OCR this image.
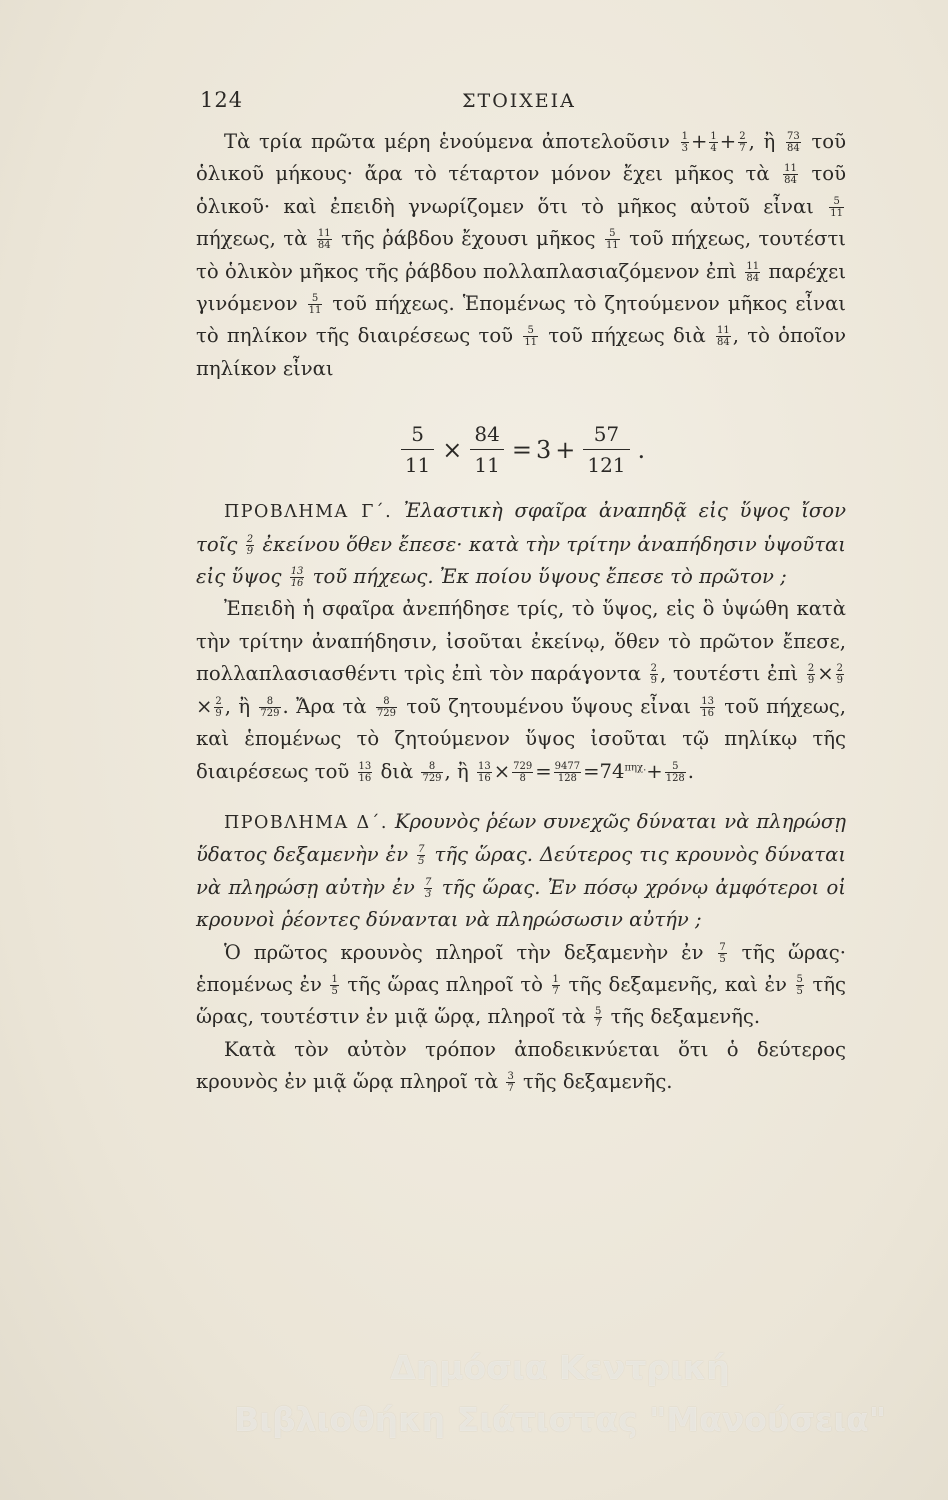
124	ΣΤΟΙΧΕΙΑ

Τὰ τρία πρῶτα μέρη ἑνούμενα ἀποτελοῦσιν $\frac{1}{3} + \frac{1}{4} + \frac{2}{7}$ , ἢ $\frac{73}{84}$ τοῦ ὁλικοῦ μήκους· ἄρα τὸ τέταρτον μόνον ἔχει μῆκος τὰ $\frac{11}{84}$ τοῦ ὁλικοῦ· καὶ ἐπειδὴ γνωρίζομεν ὅτι τὸ μῆκος αὐτοῦ εἶναι $\frac{5}{11}$
πήχεως, τὰ $\frac{11}{84}$ τῆς ῥάβδου ἔχουσι μῆκος $\frac{5}{11}$ τοῦ πήχεως, τουτέστι τὸ ὁλικὸν μῆκος τῆς ῥάβδου πολλαπλασιαζόμενον ἐπὶ $\frac{11}{84}$ παρέχει γινόμενον $\frac{5}{11}$ τοῦ πήχεως. Ἑπομένως τὸ ζητούμενον μῆκος εἶναι τὸ πηλίκον τῆς διαιρέσεως τοῦ $\frac{5}{11}$ τοῦ πήχεως διὰ $\frac{11}{84}$ , τὸ ὁποῖον πηλίκον εἶναι

$\frac{5}{11} \times \frac{84}{11} = 3 + \frac{57}{121}$ .

ΠΡΟΒΛΗΜΑ Γ΄. Ἐλαστικὴ σφαῖρα ἀναπηδᾷ εἰς ὕψος ἴσον τοῖς $\frac{2}{9}$ ἐκείνου ὅθεν ἔπεσε· κατὰ τὴν τρίτην ἀναπήδησιν ὑψοῦται εἰς ὕψος $\frac{13}{16}$ τοῦ πήχεως. Ἐκ ποίου ὕψους ἔπεσε τὸ πρῶτον ;

Ἐπειδὴ ἡ σφαῖρα ἀνεπήδησε τρίς, τὸ ὕψος, εἰς ὃ ὑψώθη κατὰ τὴν τρίτην ἀναπήδησιν, ἰσοῦται ἐκείνῳ, ὅθεν τὸ πρῶτον ἔπεσε, πολλαπλασιασθέντι τρὶς ἐπὶ τὸν παράγοντα $\frac{2}{9}$ , τουτέστι ἐπὶ $\frac{2}{9} \times \frac{2}{9}$
× $\frac{2}{9}$ , ἢ $\frac{8}{729}$ . Ἄρα τὰ $\frac{8}{729}$ τοῦ ζητουμένου ὕψους εἶναι $\frac{13}{16}$ τοῦ πήχεως, καὶ ἑπομένως τὸ ζητούμενον ὕψος ἰσοῦται τῷ πηλίκῳ τῆς διαιρέσεως τοῦ $\frac{13}{16}$ διὰ $\frac{8}{729}$ , ἢ $\frac{13}{16} \times \frac{729}{8} = \frac{9477}{128} =74^{\pi\eta\chi.}+ \frac{5}{128}$ .

ΠΡΟΒΛΗΜΑ Δ΄. Κρουνὸς ῥέων συνεχῶς δύναται νὰ πληρώσῃ ὕδατος δεξαμενὴν ἐν $\frac{7}{5}$ τῆς ὥρας. Δεύτερος τις κρουνὸς δύναται νὰ πληρώσῃ αὐτὴν ἐν $\frac{7}{3}$ τῆς ὥρας. Ἐν πόσῳ χρόνῳ ἀμφότεροι οἱ κρουνοὶ ῥέοντες δύνανται νὰ πληρώσωσιν αὐτήν ;

Ὁ πρῶτος κρουνὸς πληροῖ τὴν δεξαμενὴν ἐν $\frac{7}{5}$ τῆς ὥρας· ἑπομένως ἐν $\frac{1}{5}$ τῆς ὥρας πληροῖ τὸ $\frac{1}{7}$ τῆς δεξαμενῆς, καὶ ἐν $\frac{5}{5}$ τῆς ὥρας, τουτέστιν ἐν μιᾷ ὥρᾳ, πληροῖ τὰ $\frac{5}{7}$ τῆς δεξαμενῆς.

Κατὰ τὸν αὐτὸν τρόπον ἀποδεικνύεται ὅτι ὁ δεύτερος κρουνὸς ἐν μιᾷ ὥρᾳ πληροῖ τὰ $\frac{3}{7}$ τῆς δεξαμενῆς.

Δημόσια Κεντρική
Βιβλιοθήκη Σιάτιστας "Μανούσεια"
